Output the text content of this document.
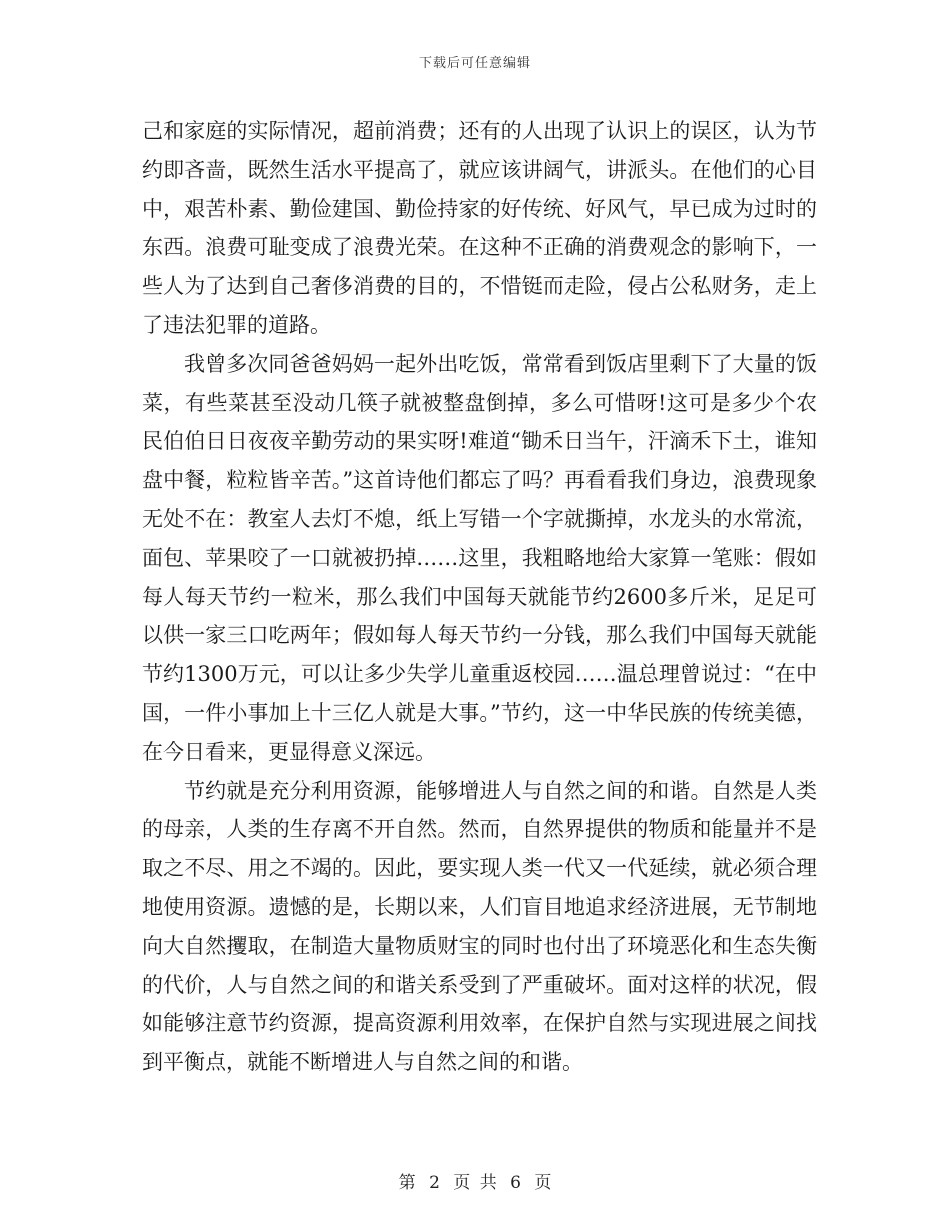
下载后可任意编辑

己和家庭的实际情况，超前消费；还有的人出现了认识上的误区，认为节约即吝啬，既然生活水平提高了，就应该讲阔气，讲派头。在他们的心目中，艰苦朴素、勤俭建国、勤俭持家的好传统、好风气，早已成为过时的东西。浪费可耻变成了浪费光荣。在这种不正确的消费观念的影响下，一些人为了达到自己奢侈消费的目的，不惜铤而走险，侵占公私财务，走上了违法犯罪的道路。

我曾多次同爸爸妈妈一起外出吃饭，常常看到饭店里剩下了大量的饭菜，有些菜甚至没动几筷子就被整盘倒掉，多么可惜呀!这可是多少个农民伯伯日日夜夜辛勤劳动的果实呀!难道“锄禾日当午，汗滴禾下土，谁知盘中餐，粒粒皆辛苦。”这首诗他们都忘了吗？再看看我们身边，浪费现象无处不在：教室人去灯不熄，纸上写错一个字就撕掉，水龙头的水常流，面包、苹果咬了一口就被扔掉……这里，我粗略地给大家算一笔账：假如每人每天节约一粒米，那么我们中国每天就能节约2600多斤米，足足可以供一家三口吃两年；假如每人每天节约一分钱，那么我们中国每天就能节约1300万元，可以让多少失学儿童重返校园……温总理曾说过：“在中国，一件小事加上十三亿人就是大事。”节约，这一中华民族的传统美德，在今日看来，更显得意义深远。

节约就是充分利用资源，能够增进人与自然之间的和谐。自然是人类的母亲，人类的生存离不开自然。然而，自然界提供的物质和能量并不是取之不尽、用之不竭的。因此，要实现人类一代又一代延续，就必须合理地使用资源。遗憾的是，长期以来，人们盲目地追求经济进展，无节制地向大自然攫取，在制造大量物质财宝的同时也付出了环境恶化和生态失衡的代价，人与自然之间的和谐关系受到了严重破坏。面对这样的状况，假如能够注意节约资源，提高资源利用效率，在保护自然与实现进展之间找到平衡点，就能不断增进人与自然之间的和谐。

第 2 页 共 6 页
